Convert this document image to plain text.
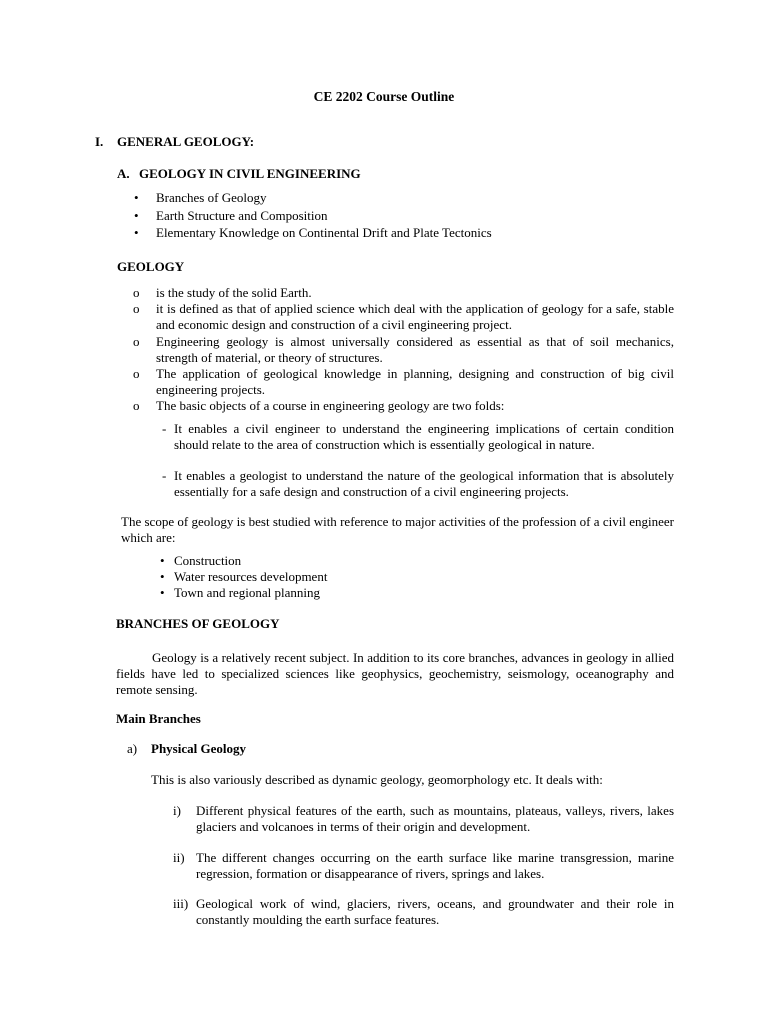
CE 2202 Course Outline
I. GENERAL GEOLOGY:
A. GEOLOGY IN CIVIL ENGINEERING
• Branches of Geology
• Earth Structure and Composition
• Elementary Knowledge on Continental Drift and Plate Tectonics
GEOLOGY
o is the study of the solid Earth.
o it is defined as that of applied science which deal with the application of geology for a safe, stable and economic design and construction of a civil engineering project.
o Engineering geology is almost universally considered as essential as that of soil mechanics, strength of material, or theory of structures.
o The application of geological knowledge in planning, designing and construction of big civil engineering projects.
o The basic objects of a course in engineering geology are two folds:
- It enables a civil engineer to understand the engineering implications of certain condition should relate to the area of construction which is essentially geological in nature.
- It enables a geologist to understand the nature of the geological information that is absolutely essentially for a safe design and construction of a civil engineering projects.
The scope of geology is best studied with reference to major activities of the profession of a civil engineer which are:
• Construction
• Water resources development
• Town and regional planning
BRANCHES OF GEOLOGY
Geology is a relatively recent subject. In addition to its core branches, advances in geology in allied fields have led to specialized sciences like geophysics, geochemistry, seismology, oceanography and remote sensing.
Main Branches
a) Physical Geology
This is also variously described as dynamic geology, geomorphology etc. It deals with:
i) Different physical features of the earth, such as mountains, plateaus, valleys, rivers, lakes glaciers and volcanoes in terms of their origin and development.
ii) The different changes occurring on the earth surface like marine transgression, marine regression, formation or disappearance of rivers, springs and lakes.
iii) Geological work of wind, glaciers, rivers, oceans, and groundwater and their role in constantly moulding the earth surface features.
